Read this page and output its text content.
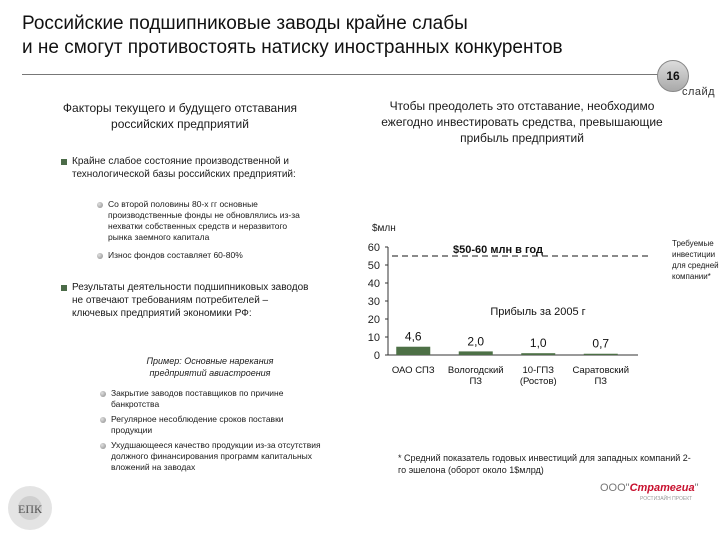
Российские подшипниковые заводы крайне слабы
и не смогут противостоять натиску иностранных конкурентов
16
слайд
Факторы текущего и будущего отставания российских предприятий
Крайне слабое состояние производственной и технологической базы российских предприятий:
Со второй половины 80-х гг основные производственные фонды не обновлялись из-за нехватки собственных средств и неразвитого рынка заемного капитала
Износ фондов составляет 60-80%
Результаты деятельности подшипниковых заводов не отвечают требованиям потребителей – ключевых предприятий экономики РФ:
Пример: Основные нарекания предприятий авиастроения
Закрытие заводов поставщиков по причине банкротства
Регулярное несоблюдение сроков поставки продукции
Ухудшающееся качество продукции из-за отсутствия должного финансирования программ капитальных вложений на заводах
Чтобы преодолеть это отставание, необходимо ежегодно инвестировать средства, превышающие прибыль предприятий
$млн
0
10
20
30
40
50
60	$50-60 млн в год
Прибыль за 2005 г
4,6
ОАО СПЗ
2,0
Вологодский
ПЗ
1,0
10-ГПЗ
(Ростов)
0,7
Саратовский
ПЗ
Требуемые инвестиции для средней компании*
* Средний показатель годовых инвестиций для западных компаний 2-го эшелона (оборот около 1$млрд)
ЕПК
ООО"Стратегиа"
РОСТИЗАЙН ПРОЕКТ
